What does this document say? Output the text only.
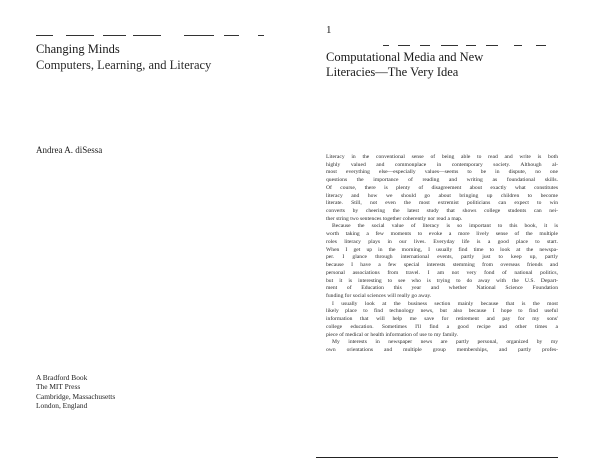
Changing Minds
Computers, Learning, and Literacy
Andrea A. diSessa
A Bradford Book
The MIT Press
Cambridge, Massachusetts
London, England
1
Computational Media and New
Literacies—The Very Idea
Literacy in the conventional sense of being able to read and write is both
highly valued and commonplace in contemporary society. Although al-
most everything else—especially values—seems to be in dispute, no one
questions the importance of reading and writing as foundational skills.
Of course, there is plenty of disagreement about exactly what constitutes
literacy and how we should go about bringing up children to become
literate. Still, not even the most extremist politicians can expect to win
converts by cheering the latest study that shows college students can nei-
ther string two sentences together coherently nor read a map.
Because the social value of literacy is so important to this book, it is
worth taking a few moments to evoke a more lively sense of the multiple
roles literacy plays in our lives. Everyday life is a good place to start.
When I get up in the morning, I usually find time to look at the newspa-
per. I glance through international events, partly just to keep up, partly
because I have a few special interests stemming from overseas friends and
personal associations from travel. I am not very fond of national politics,
but it is interesting to see who is trying to do away with the U.S. Depart-
ment of Education this year and whether National Science Foundation
funding for social sciences will really go away.
I usually look at the business section mainly because that is the most
likely place to find technology news, but also because I hope to find useful
information that will help me save for retirement and pay for my sons'
college education. Sometimes I'll find a good recipe and other times a
piece of medical or health information of use to my family.
My interests in newspaper news are partly personal, organized by my
own orientations and multiple group memberships, and partly profes-
